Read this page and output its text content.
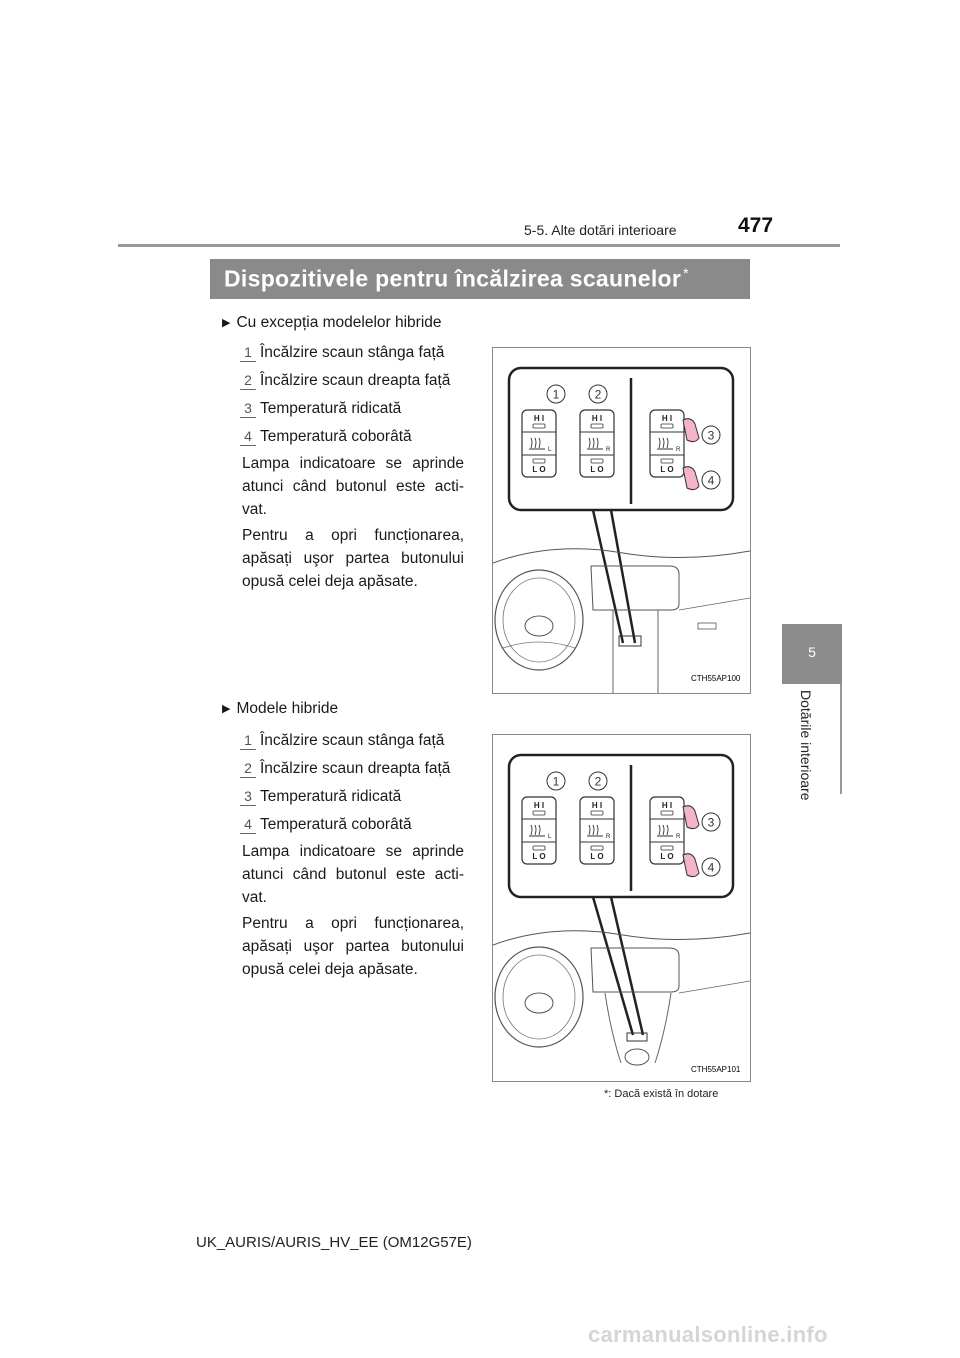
5-5. Alte dotări interioare	477
5
Dotările interioare
Dispozitivele pentru încălzirea scaunelor *
▶ Cu excepția modelelor hibride
1 Încălzire scaun stânga față
2 Încălzire scaun dreapta față
3 Temperatură ridicată
4 Temperatură coborâtă
Lampa indicatoare se aprinde atunci când butonul este acti-vat.
Pentru a opri funcționarea, apăsați uşor partea butonului opusă celei deja apăsate.
1	2
H I
L
L O
H I
R
L O
H I
R
L O
3
4
CTH55AP100
▶ Modele hibride
1 Încălzire scaun stânga față
2 Încălzire scaun dreapta față
3 Temperatură ridicată
4 Temperatură coborâtă
Lampa indicatoare se aprinde atunci când butonul este acti-vat.
Pentru a opri funcționarea, apăsați uşor partea butonului opusă celei deja apăsate.
1	2
H I
L
L O
H I
R
L O
H I
R
L O
3
4
CTH55AP101
*: Dacă există în dotare
UK_AURIS/AURIS_HV_EE (OM12G57E)
carmanualsonline.info
